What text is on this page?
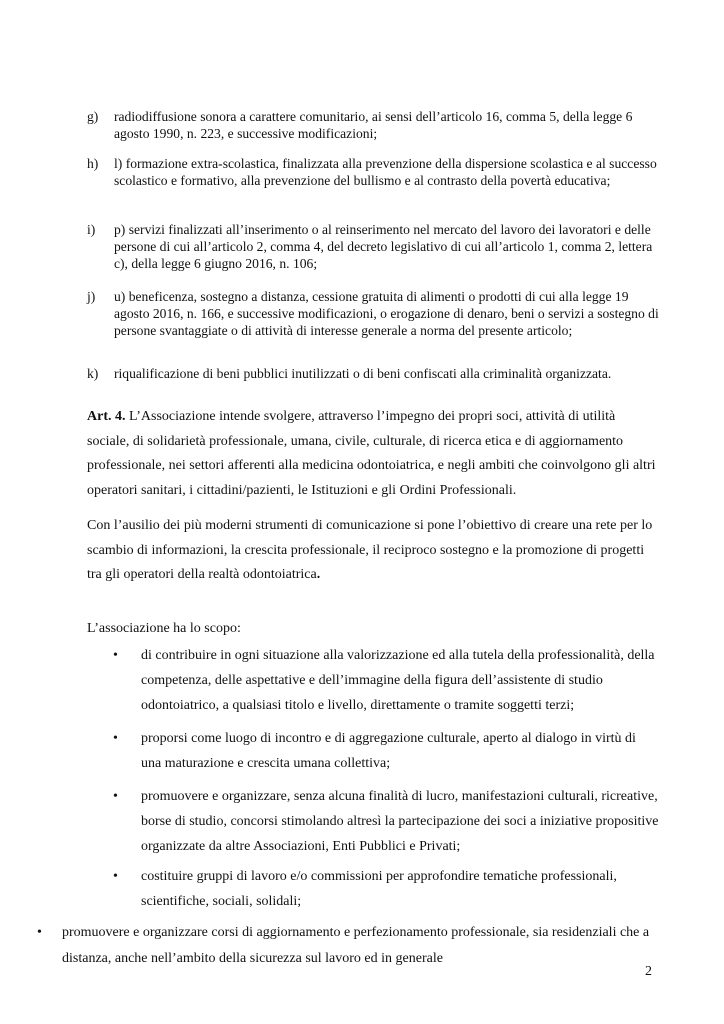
g) radiodiffusione sonora a carattere comunitario, ai sensi dell’articolo 16, comma 5, della legge 6 agosto 1990, n. 223, e successive modificazioni;
h) l) formazione extra-scolastica, finalizzata alla prevenzione della dispersione scolastica e al successo scolastico e formativo, alla prevenzione del bullismo e al contrasto della povertà educativa;
i) p) servizi finalizzati all’inserimento o al reinserimento nel mercato del lavoro dei lavoratori e delle persone di cui all’articolo 2, comma 4, del decreto legislativo di cui all’articolo 1, comma 2, lettera c), della legge 6 giugno 2016, n. 106;
j) u) beneficenza, sostegno a distanza, cessione gratuita di alimenti o prodotti di cui alla legge 19 agosto 2016, n. 166, e successive modificazioni, o erogazione di denaro, beni o servizi a sostegno di persone svantaggiate o di attività di interesse generale a norma del presente articolo;
k) riqualificazione di beni pubblici inutilizzati o di beni confiscati alla criminalità organizzata.
Art. 4. L’Associazione intende svolgere, attraverso l’impegno dei propri soci, attività di utilità sociale, di solidarietà professionale, umana, civile, culturale, di ricerca etica e di aggiornamento professionale, nei settori afferenti alla medicina odontoiatrica, e negli ambiti che coinvolgono gli altri operatori sanitari, i cittadini/pazienti, le Istituzioni e gli Ordini Professionali.
Con l’ausilio dei più moderni strumenti di comunicazione si pone l’obiettivo di creare una rete per lo scambio di informazioni, la crescita professionale, il reciproco sostegno e la promozione di progetti tra gli operatori della realtà odontoiatrica.
L’associazione ha lo scopo:
• di contribuire in ogni situazione alla valorizzazione ed alla tutela della professionalità, della competenza, delle aspettative e dell’immagine della figura dell’assistente di studio odontoiatrico, a qualsiasi titolo e livello, direttamente o tramite soggetti terzi;
• proporsi come luogo di incontro e di aggregazione culturale, aperto al dialogo in virtù di una maturazione e crescita umana collettiva;
• promuovere e organizzare, senza alcuna finalità di lucro, manifestazioni culturali, ricreative, borse di studio, concorsi stimolando altresì la partecipazione dei soci a iniziative propositive organizzate da altre Associazioni, Enti Pubblici e Privati;
• costituire gruppi di lavoro e/o commissioni per approfondire tematiche professionali, scientifiche, sociali, solidali;
• promuovere e organizzare corsi di aggiornamento e perfezionamento professionale, sia residenziali che a distanza, anche nell’ambito della sicurezza sul lavoro ed in generale
2
